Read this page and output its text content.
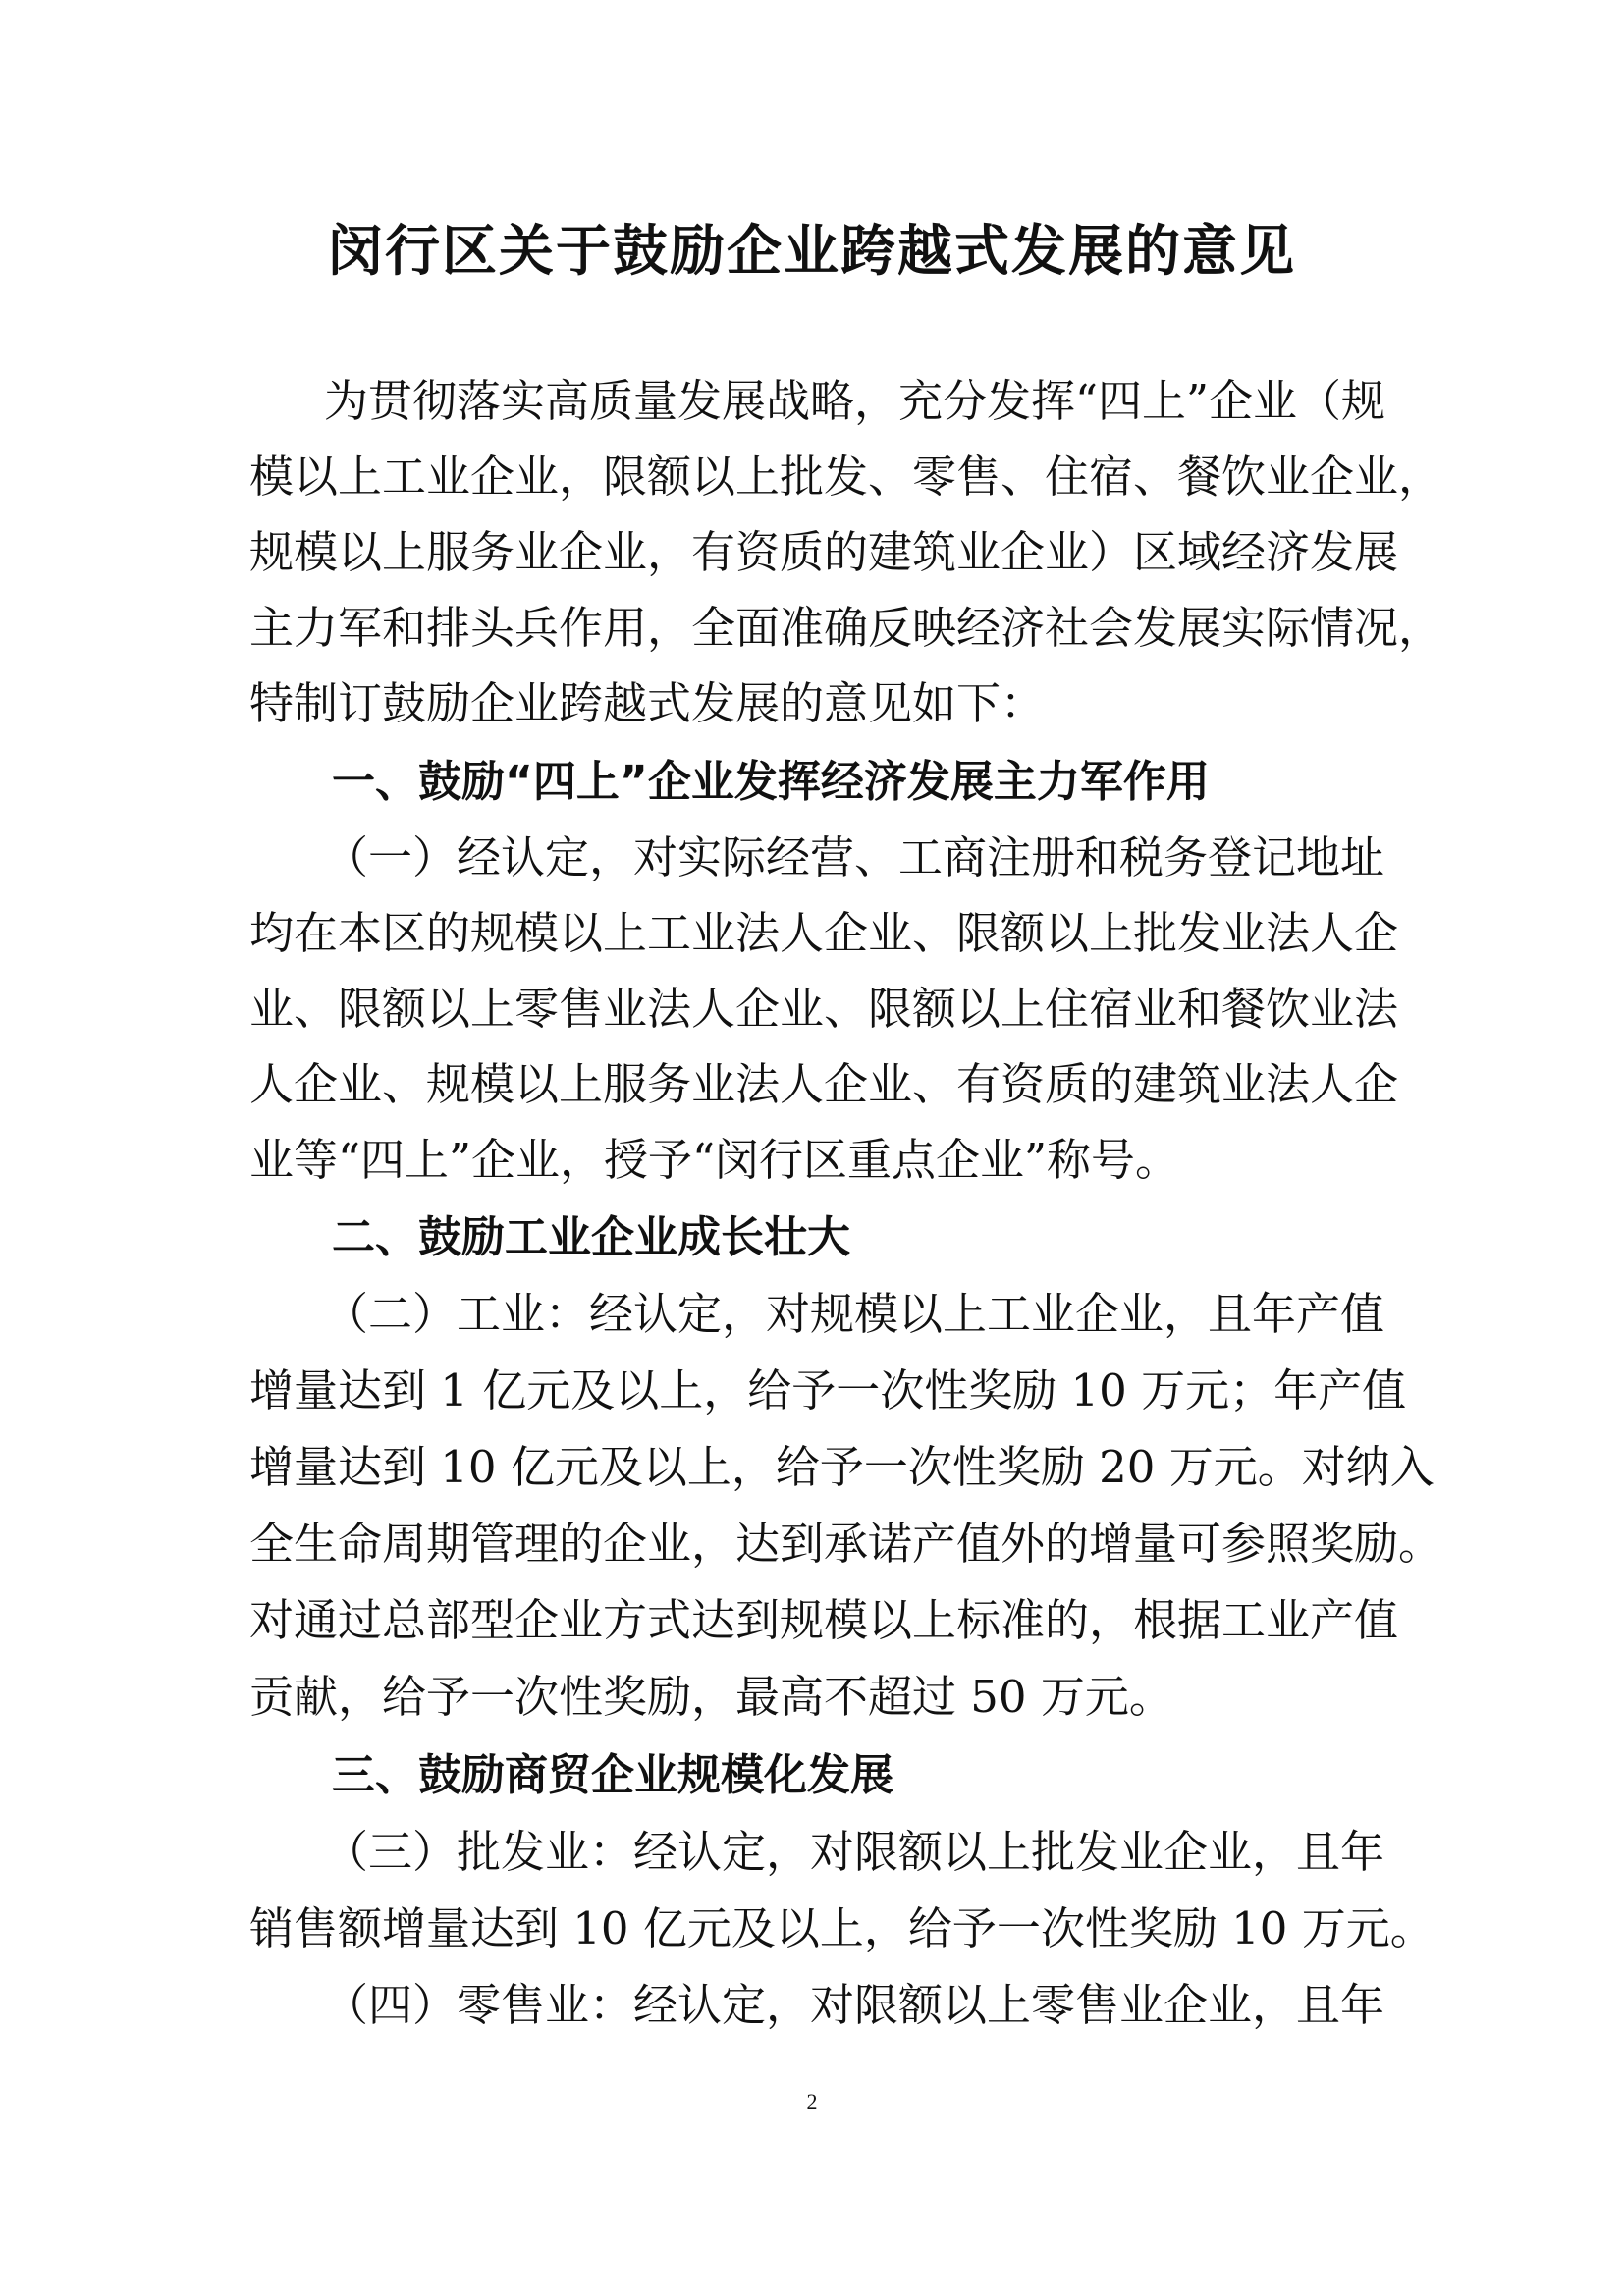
闵行区关于鼓励企业跨越式发展的意见
为贯彻落实高质量发展战略，充分发挥“四上”企业（规
模以上工业企业，限额以上批发、零售、住宿、餐饮业企业，
规模以上服务业企业，有资质的建筑业企业）区域经济发展
主力军和排头兵作用，全面准确反映经济社会发展实际情况，
特制订鼓励企业跨越式发展的意见如下：
一、鼓励“四上”企业发挥经济发展主力军作用
（一）经认定，对实际经营、工商注册和税务登记地址
均在本区的规模以上工业法人企业、限额以上批发业法人企
业、限额以上零售业法人企业、限额以上住宿业和餐饮业法
人企业、规模以上服务业法人企业、有资质的建筑业法人企
业等“四上”企业，授予“闵行区重点企业”称号。
二、鼓励工业企业成长壮大
（二）工业：经认定，对规模以上工业企业，且年产值
增量达到 1 亿元及以上，给予一次性奖励 10 万元；年产值
增量达到 10 亿元及以上，给予一次性奖励 20 万元。对纳入
全生命周期管理的企业，达到承诺产值外的增量可参照奖励。
对通过总部型企业方式达到规模以上标准的，根据工业产值
贡献，给予一次性奖励，最高不超过 50 万元。
三、鼓励商贸企业规模化发展
（三）批发业：经认定，对限额以上批发业企业，且年
销售额增量达到 10 亿元及以上，给予一次性奖励 10 万元。
（四）零售业：经认定，对限额以上零售业企业，且年
2
